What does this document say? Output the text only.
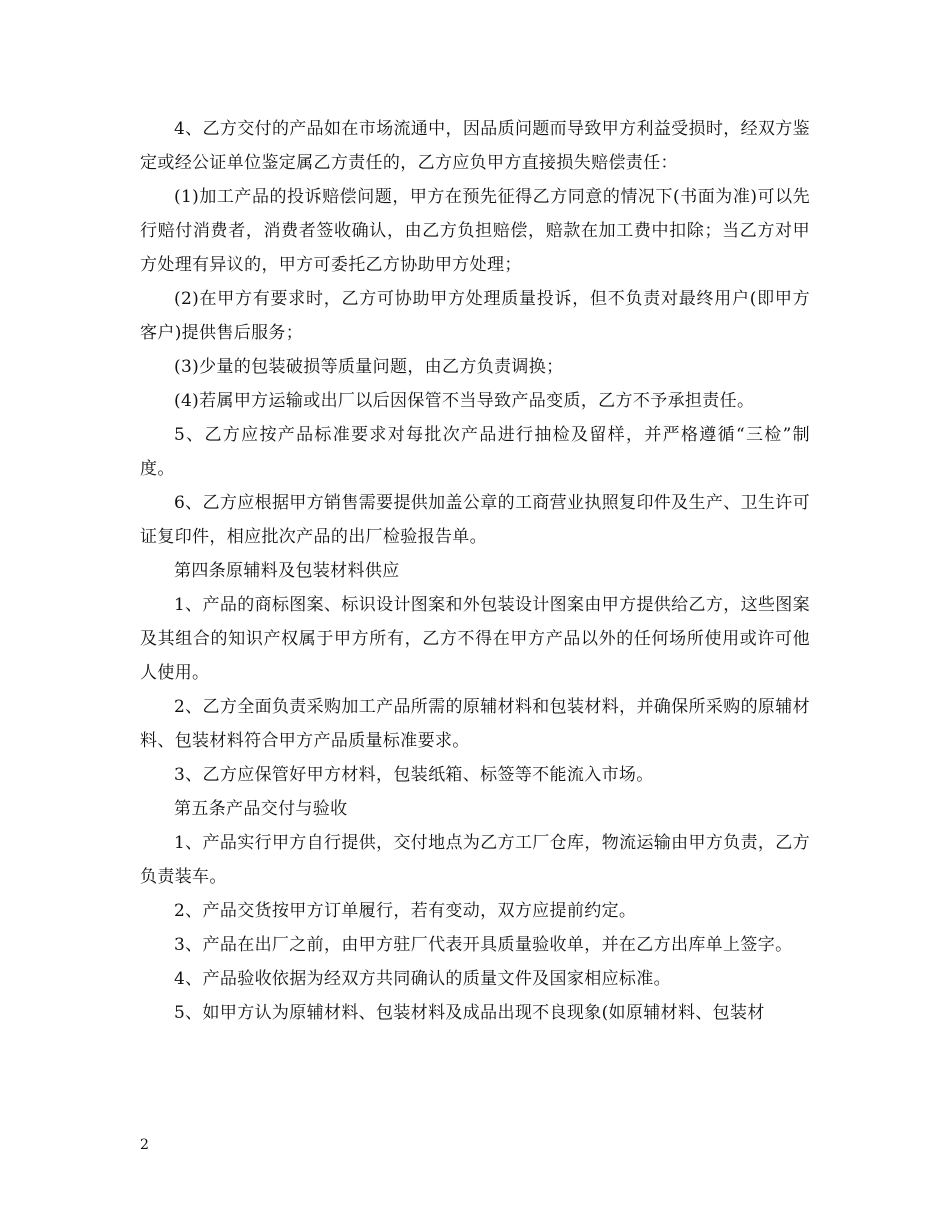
4、乙方交付的产品如在市场流通中，因品质问题而导致甲方利益受损时，经双方鉴定或经公证单位鉴定属乙方责任的，乙方应负甲方直接损失赔偿责任：

(1)加工产品的投诉赔偿问题，甲方在预先征得乙方同意的情况下(书面为准)可以先行赔付消费者，消费者签收确认，由乙方负担赔偿，赔款在加工费中扣除；当乙方对甲方处理有异议的，甲方可委托乙方协助甲方处理；

(2)在甲方有要求时，乙方可协助甲方处理质量投诉，但不负责对最终用户(即甲方客户)提供售后服务；

(3)少量的包装破损等质量问题，由乙方负责调换；

(4)若属甲方运输或出厂以后因保管不当导致产品变质，乙方不予承担责任。

5、乙方应按产品标准要求对每批次产品进行抽检及留样，并严格遵循“三检”制度。

6、乙方应根据甲方销售需要提供加盖公章的工商营业执照复印件及生产、卫生许可证复印件，相应批次产品的出厂检验报告单。

第四条原辅料及包装材料供应

1、产品的商标图案、标识设计图案和外包装设计图案由甲方提供给乙方，这些图案及其组合的知识产权属于甲方所有，乙方不得在甲方产品以外的任何场所使用或许可他人使用。

2、乙方全面负责采购加工产品所需的原辅材料和包装材料，并确保所采购的原辅材料、包装材料符合甲方产品质量标准要求。

3、乙方应保管好甲方材料，包装纸箱、标签等不能流入市场。

第五条产品交付与验收

1、产品实行甲方自行提供，交付地点为乙方工厂仓库，物流运输由甲方负责，乙方负责装车。

2、产品交货按甲方订单履行，若有变动，双方应提前约定。

3、产品在出厂之前，由甲方驻厂代表开具质量验收单，并在乙方出库单上签字。

4、产品验收依据为经双方共同确认的质量文件及国家相应标准。

5、如甲方认为原辅材料、包装材料及成品出现不良现象(如原辅材料、包装材

2
